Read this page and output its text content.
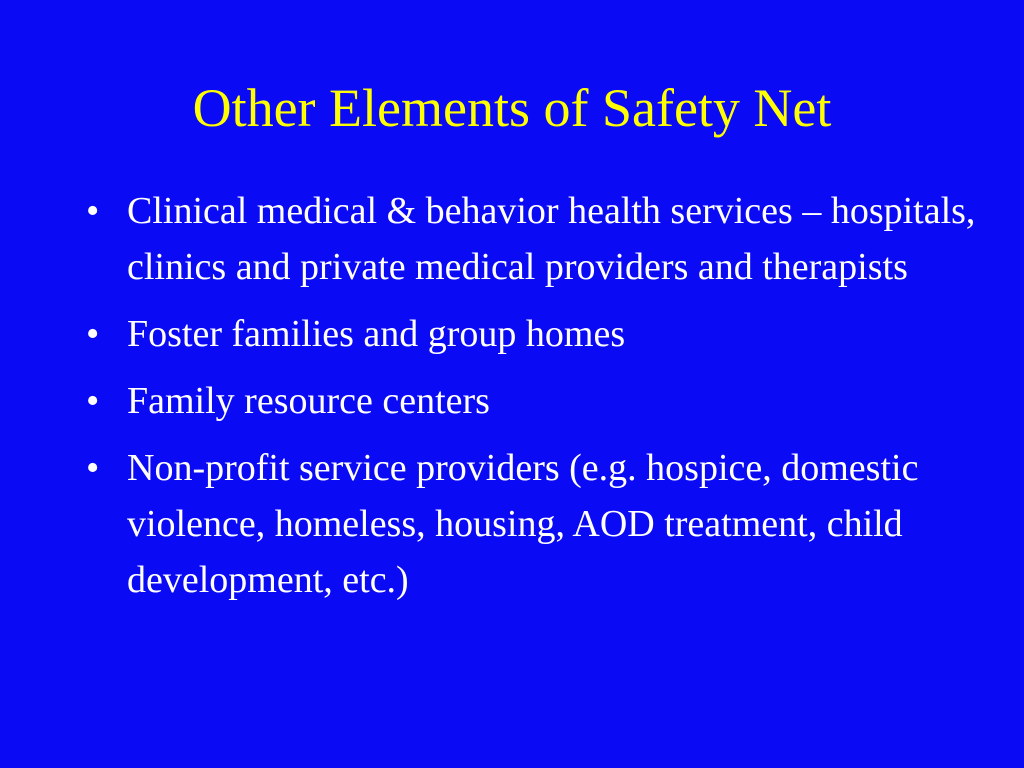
Other Elements of Safety Net
• Clinical medical & behavior health services – hospitals, clinics and private medical providers and therapists
• Foster families and group homes
• Family resource centers
• Non-profit service providers (e.g. hospice, domestic violence, homeless, housing, AOD treatment, child development, etc.)
